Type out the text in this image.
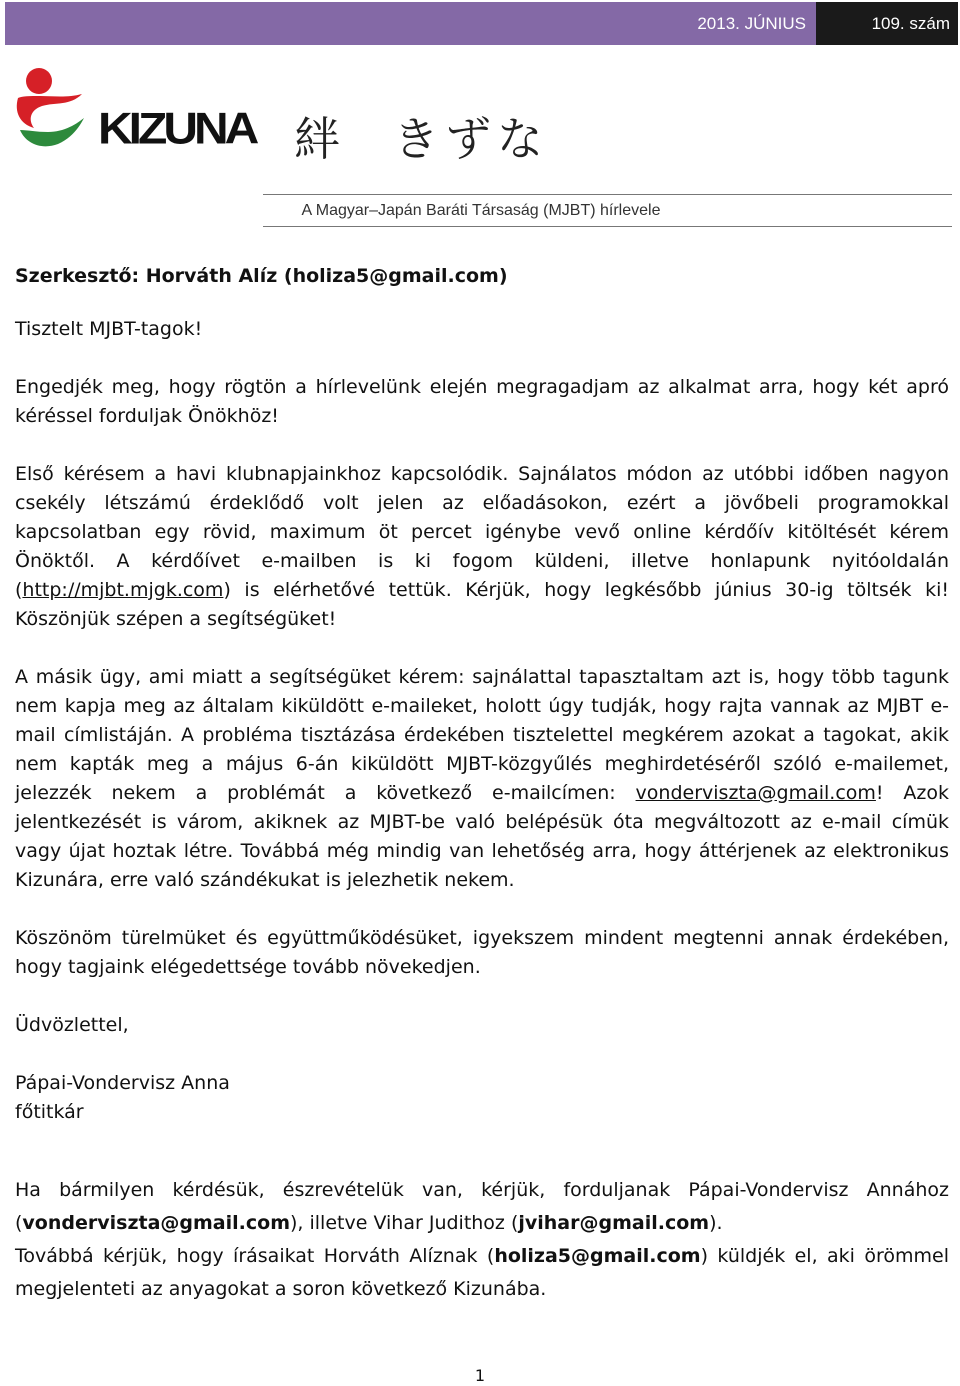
2013. JÚNIUS	109. szám
KIZUNA 絆 きずな
A Magyar–Japán Baráti Társaság (MJBT) hírlevele

Szerkesztő: Horváth Alíz (holiza5@gmail.com)

Tisztelt MJBT-tagok!

Engedjék meg, hogy rögtön a hírlevelünk elején megragadjam az alkalmat arra, hogy két apró kéréssel forduljak Önökhöz!

Első kérésem a havi klubnapjainkhoz kapcsolódik. Sajnálatos módon az utóbbi időben nagyon csekély létszámú érdeklődő volt jelen az előadásokon, ezért a jövőbeli programokkal kapcsolatban egy rövid, maximum öt percet igénybe vevő online kérdőív kitöltését kérem Önöktől. A kérdőívet e-mailben is ki fogom küldeni, illetve honlapunk nyitóoldalán (http://mjbt.mjgk.com) is elérhetővé tettük. Kérjük, hogy legkésőbb június 30-ig töltsék ki! Köszönjük szépen a segítségüket!

A másik ügy, ami miatt a segítségüket kérem: sajnálattal tapasztaltam azt is, hogy több tagunk nem kapja meg az általam kiküldött e-maileket, holott úgy tudják, hogy rajta vannak az MJBT e-mail címlistáján. A probléma tisztázása érdekében tisztelettel megkérem azokat a tagokat, akik nem kapták meg a május 6-án kiküldött MJBT-közgyűlés meghirdetéséről szóló e-mailemet, jelezzék nekem a problémát a következő e-mailcímen: vondervisztа@gmail.com! Azok jelentkezését is várom, akiknek az MJBT-be való belépésük óta megváltozott az e-mail címük vagy újat hoztak létre. Továbbá még mindig van lehetőség arra, hogy áttérjenek az elektronikus Kizunára, erre való szándékukat is jelezhetik nekem.

Köszönöm türelmüket és együttműködésüket, igyekszem mindent megtenni annak érdekében, hogy tagjaink elégedettsége tovább növekedjen.

Üdvözlettel,

Pápai-Vondervisz Anna

főtitkár

Ha bármilyen kérdésük, észrevételük van, kérjük, forduljanak Pápai-Vondervisz Annához (vonderviszta@gmail.com), illetve Vihar Judithoz (jvihar@gmail.com).

Továbbá kérjük, hogy írásaikat Horváth Alíznak (holiza5@gmail.com) küldjék el, aki örömmel megjelenteti az anyagokat a soron következő Kizunába.

1
